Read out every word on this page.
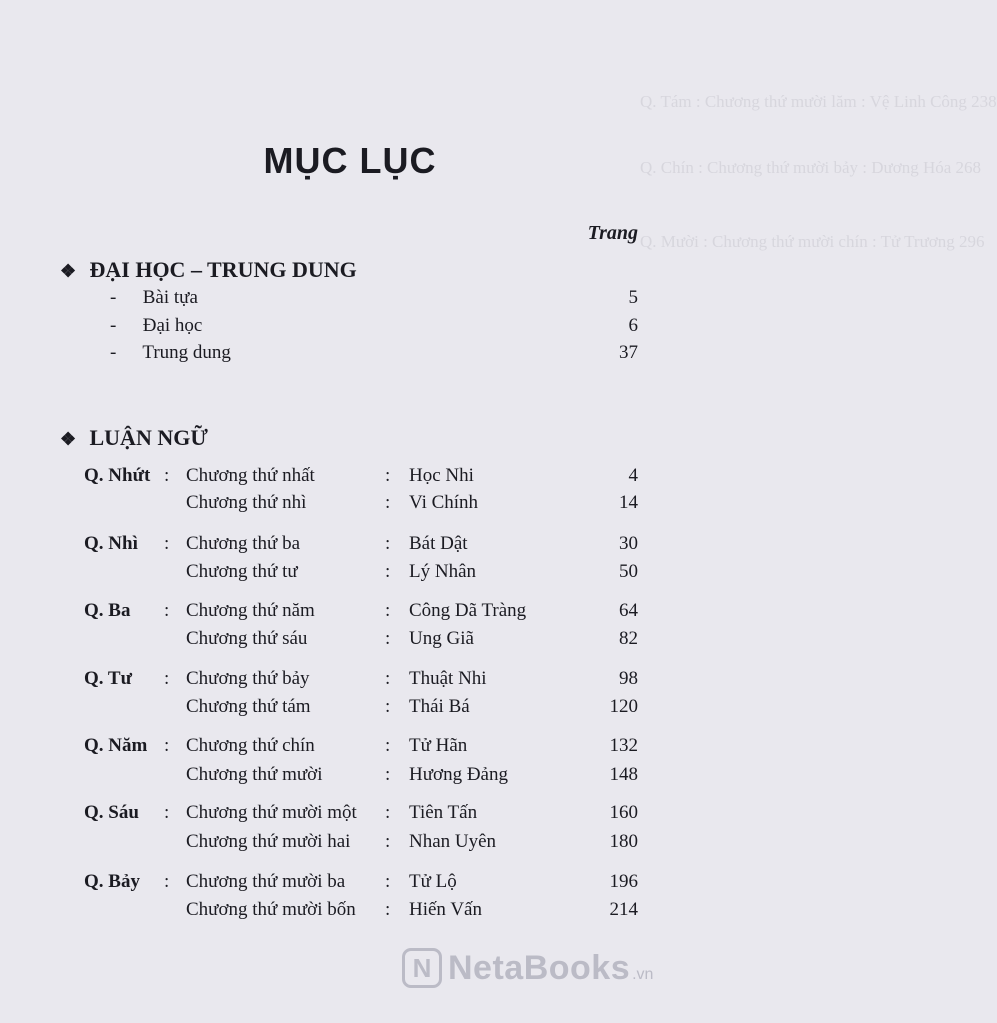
Q. Tám : Chương thứ mười lăm : Vệ Linh Công 238
Q. Chín : Chương thứ mười bảy : Dương Hóa 268
Q. Mười : Chương thứ mười chín : Tử Trương 296
MỤC LỤC
Trang
❖ ĐẠI HỌC – TRUNG DUNG
- Bài tựa	5
- Đại học	6
- Trung dung	37
❖ LUẬN NGỮ
Q. Nhứt : Chương thứ nhất	: Học Nhi	4
Chương thứ nhì	: Vi Chính	14
Q. Nhì : Chương thứ ba	: Bát Dật	30
Chương thứ tư	: Lý Nhân	50
Q. Ba : Chương thứ năm	: Công Dã Tràng	64
Chương thứ sáu	: Ung Giã	82
Q. Tư : Chương thứ bảy	: Thuật Nhi	98
Chương thứ tám	: Thái Bá	120
Q. Năm : Chương thứ chín	: Tử Hãn	132
Chương thứ mười	: Hương Đảng	148
Q. Sáu : Chương thứ mười một : Tiên Tấn	160
Chương thứ mười hai : Nhan Uyên	180
Q. Bảy : Chương thứ mười ba : Tử Lộ	196
Chương thứ mười bốn : Hiến Vấn	214
N NetaBooks .vn
